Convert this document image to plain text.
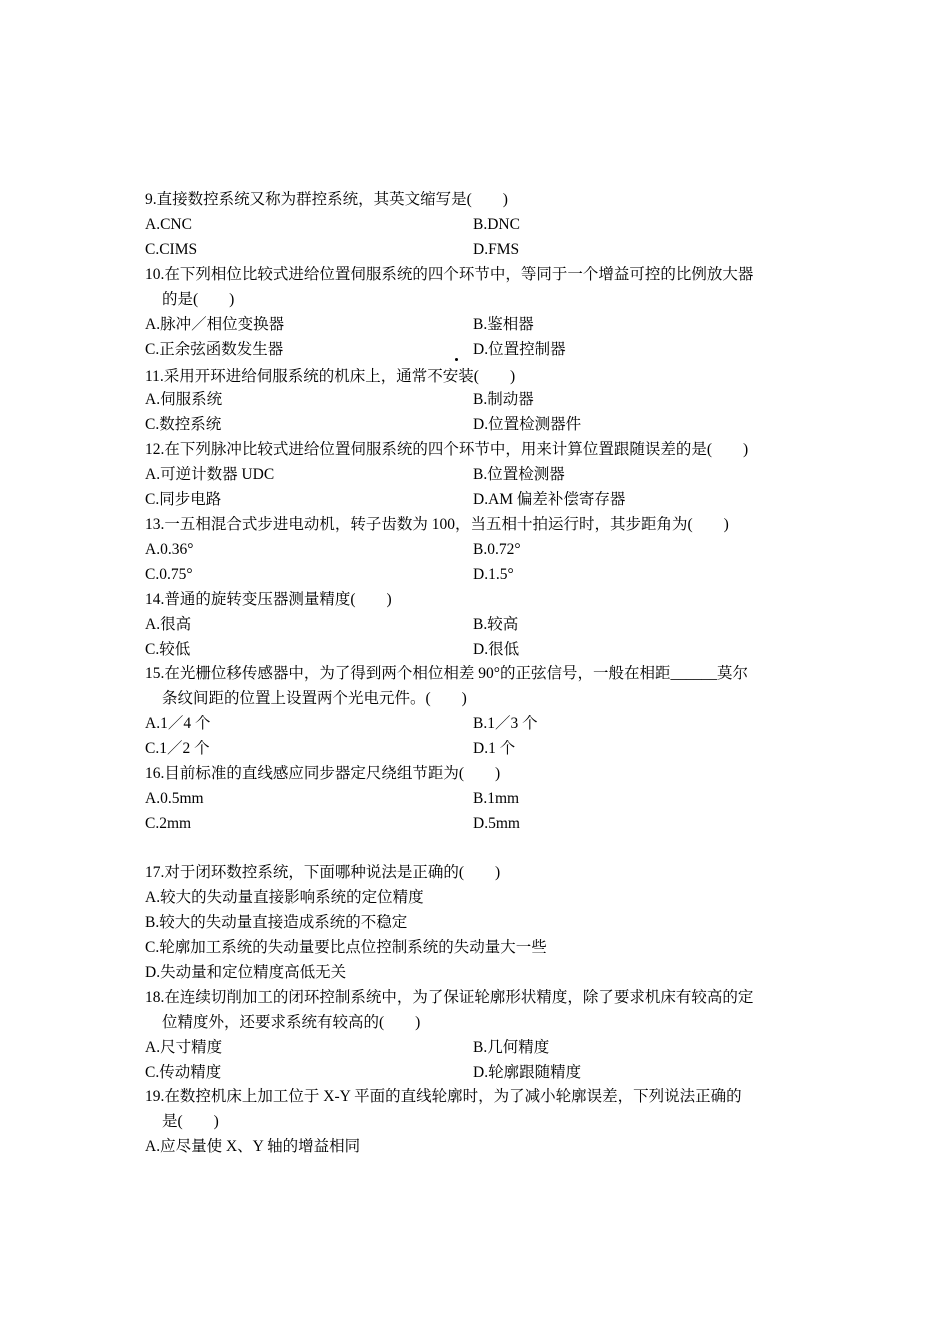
9.直接数控系统又称为群控系统，其英文缩写是(　　)
A.CNC	B.DNC
C.CIMS	D.FMS
10.在下列相位比较式进给位置伺服系统的四个环节中，等同于一个增益可控的比例放大器
的是(　　)
A.脉冲／相位变换器	B.鉴相器
C.正余弦函数发生器	D.位置控制器
11.采用开环进给伺服系统的机床上，通常不安装(　　)
A.伺服系统	B.制动器
C.数控系统	D.位置检测器件
12.在下列脉冲比较式进给位置伺服系统的四个环节中，用来计算位置跟随误差的是(　　)
A.可逆计数器 UDC	B.位置检测器
C.同步电路	D.AM 偏差补偿寄存器
13.一五相混合式步进电动机，转子齿数为 100，当五相十拍运行时，其步距角为(　　)
A.0.36°	B.0.72°
C.0.75°	D.1.5°
14.普通的旋转变压器测量精度(　　)
A.很高	B.较高
C.较低	D.很低
15.在光栅位移传感器中，为了得到两个相位相差 90°的正弦信号，一般在相距______莫尔
条纹间距的位置上设置两个光电元件。(　　)
A.1／4 个	B.1／3 个
C.1／2 个	D.1 个
16.目前标准的直线感应同步器定尺绕组节距为(　　)
A.0.5mm	B.1mm
C.2mm	D.5mm
17.对于闭环数控系统，下面哪种说法是正确的(　　)
A.较大的失动量直接影响系统的定位精度
B.较大的失动量直接造成系统的不稳定
C.轮廓加工系统的失动量要比点位控制系统的失动量大一些
D.失动量和定位精度高低无关
18.在连续切削加工的闭环控制系统中，为了保证轮廓形状精度，除了要求机床有较高的定
位精度外，还要求系统有较高的(　　)
A.尺寸精度	B.几何精度
C.传动精度	D.轮廓跟随精度
19.在数控机床上加工位于 X-Y 平面的直线轮廓时，为了减小轮廓误差，下列说法正确的
是(　　)
A.应尽量使 X、Y 轴的增益相同
